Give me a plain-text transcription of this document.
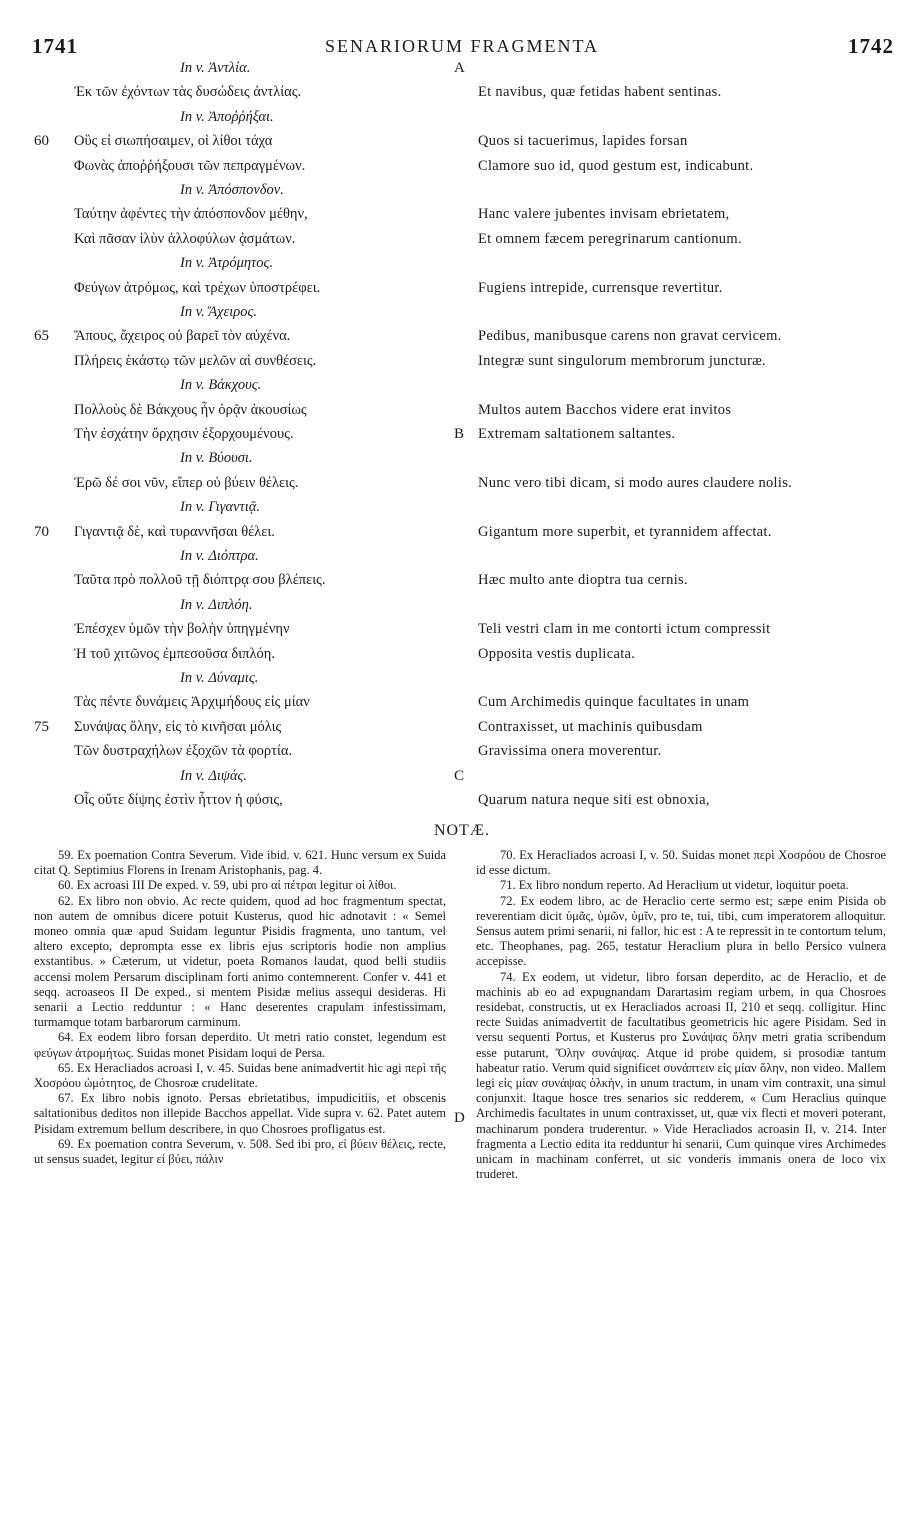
1741	SENARIORUM FRAGMENTA	1742
In v. Ἀντλία.	A
Ἐκ τῶν ἐχόντων τὰς δυσώδεις ἀντλίας.	Et navibus, quæ fetidas habent sentinas.
In v. Ἀποῤῥήξαι.
60	Οὓς εἰ σιωπήσαιμεν, οἱ λίθοι τάχα	Quos si tacuerimus, lapides forsan
Φωνὰς ἀποῤῥήξουσι τῶν πεπραγμένων.	Clamore suo id, quod gestum est, indicabunt.
In v. Ἀπόσπονδον.
Ταύτην ἀφέντες τὴν ἀπόσπονδον μέθην,	Hanc valere jubentes invisam ebrietatem,
Καὶ πᾶσαν ἰλὺν ἀλλοφύλων ᾀσμάτων.	Et omnem fæcem peregrinarum cantionum.
In v. Ἀτρόμητος.
Φεύγων ἀτρόμως, καὶ τρέχων ὑποστρέφει.	Fugiens intrepide, currensque revertitur.
In v. Ἄχειρος.
65	Ἄπους, ἄχειρος οὐ βαρεῖ τὸν αὐχένα.	Pedibus, manibusque carens non gravat cervicem.
Πλήρεις ἑκάστῳ τῶν μελῶν αἱ συνθέσεις.	Integræ sunt singulorum membrorum juncturæ.
In v. Βάκχους.
Πολλοὺς δὲ Βάκχους ἦν ὁρᾷν ἀκουσίως	Multos autem Bacchos videre erat invitos
Τὴν ἐσχάτην ὄρχησιν ἐξορχουμένους.	B Extremam saltationem saltantes.
In v. Βύουσι.
Ἐρῶ δέ σοι νῦν, εἴπερ οὐ βύειν θέλεις.	Nunc vero tibi dicam, si modo aures claudere nolis.
In v. Γιγαντιᾷ.
70	Γιγαντιᾷ δὲ, καὶ τυραννῆσαι θέλει.	Gigantum more superbit, et tyrannidem affectat.
In v. Διόπτρα.
Ταῦτα πρὸ πολλοῦ τῇ διόπτρᾳ σου βλέπεις.	Hæc multo ante dioptra tua cernis.
In v. Διπλόη.
Ἐπέσχεν ὑμῶν τὴν βολὴν ὑπηγμένην	Teli vestri clam in me contorti ictum compressit
Ἡ τοῦ χιτῶνος ἐμπεσοῦσα διπλόη.	Opposita vestis duplicata.
In v. Δύναμις.
Τὰς πέντε δυνάμεις Ἀρχιμήδους εἰς μίαν	Cum Archimedis quinque facultates in unam
75	Συνάψας ὅλην, εἰς τὸ κινῆσαι μόλις	Contraxisset, ut machinis quibusdam
Τῶν δυστραχήλων ἐξοχῶν τὰ φορτία.	Gravissima onera moverentur.
In v. Διψάς.	C
Οἷς οὔτε δίψης ἐστὶν ἧττον ἡ φύσις,	Quarum natura neque siti est obnoxia,
NOTÆ.

59. Ex poemation Contra Severum. Vide ibid. v. 621. Hunc versum ex Suida citat Q. Septimius Florens in Irenam Aristophanis, pag. 4.

60. Ex acroasi III De exped. v. 59, ubi pro αἱ πέτραι legitur οἱ λίθοι.

62. Ex libro non obvio. Ac recte quidem, quod ad hoc fragmentum spectat, non autem de omnibus dicere potuit Kusterus, quod hic adnotavit : « Semel moneo omnia quæ apud Suidam leguntur Pisidis fragmenta, uno tantum, vel altero excepto, deprompta esse ex libris ejus scriptoris hodie non amplius exstantibus. » Cæterum, ut videtur, poeta Romanos laudat, quod belli studiis accensi molem Persarum disciplinam forti animo contemnerent. Confer v. 441 et seqq. acroaseos II De exped., si mentem Pisidæ melius assequi desideras. Hi senarii a Lectio redduntur : « Hanc deserentes crapulam infestissimam, turmamque totam barbarorum carminum.

64. Ex eodem libro forsan deperdito. Ut metri ratio constet, legendum est φεύγων ἀτρομήτως. Suidas monet Pisidam loqui de Persa.

65. Ex Heracliados acroasi I, v. 45. Suidas bene animadvertit hic agi περὶ τῆς Χοσρόου ὠμότητος, de Chosroæ crudelitate.

67. Ex libro nobis ignoto. Persas ebrietatibus, impudicitiis, et obscenis saltationibus deditos non illepide Bacchos appellat. Vide supra v. 62. Patet autem Pisidam extremum bellum describere, in quo Chosroes profligatus est.

69. Ex poemation contra Severum, v. 508. Sed ibi pro, εἰ βύειν θέλεις, recte, ut sensus suadet, legitur εἰ βύει, πάλιν

D

70. Ex Heracliados acroasi I, v. 50. Suidas monet περὶ Χοσρόου de Chosroe id esse dictum.

71. Ex libro nondum reperto. Ad Heraclium ut videtur, loquitur poeta.

72. Ex eodem libro, ac de Heraclio certe sermo est; sæpe enim Pisida ob reverentiam dicit ὑμᾶς, ὑμῶν, ὑμῖν, pro te, tui, tibi, cum imperatorem alloquitur. Sensus autem primi senarii, ni fallor, hic est : A te repressit in te contortum telum, etc. Theophanes, pag. 265, testatur Heraclium plura in bello Persico vulnera accepisse.

74. Ex eodem, ut videtur, libro forsan deperdito, ac de Heraclio, et de machinis ab eo ad expugnandam Darartasim regiam urbem, in qua Chosroes residebat, constructis, ut ex Heracliados acroasi II, 210 et seqq. colligitur. Hinc recte Suidas animadvertit de facultatibus geometricis hic agere Pisidam. Sed in versu sequenti Portus, et Kusterus pro Συνάψας ὅλην metri gratia scribendum esse putarunt, Ὅλην συνάψας. Atque id probe quidem, si prosodiæ tantum habeatur ratio. Verum quid significet συνάπτειν εἰς μίαν ὅλην, non video. Mallem legi εἰς μίαν συνάψας ὁλκὴν, in unum tractum, in unam vim contraxit, una simul conjunxit. Itaque hosce tres senarios sic redderem, « Cum Heraclius quinque Archimedis facultates in unum contraxisset, ut, quæ vix flecti et moveri poterant, machinarum pondera truderentur. » Vide Heracliados acroasin II, v. 214. Inter fragmenta a Lectio edita ita redduntur hi senarii, Cum quinque vires Archimedes unicam in machinam conferret, ut sic vonderis immanis onera de loco vix truderet.
